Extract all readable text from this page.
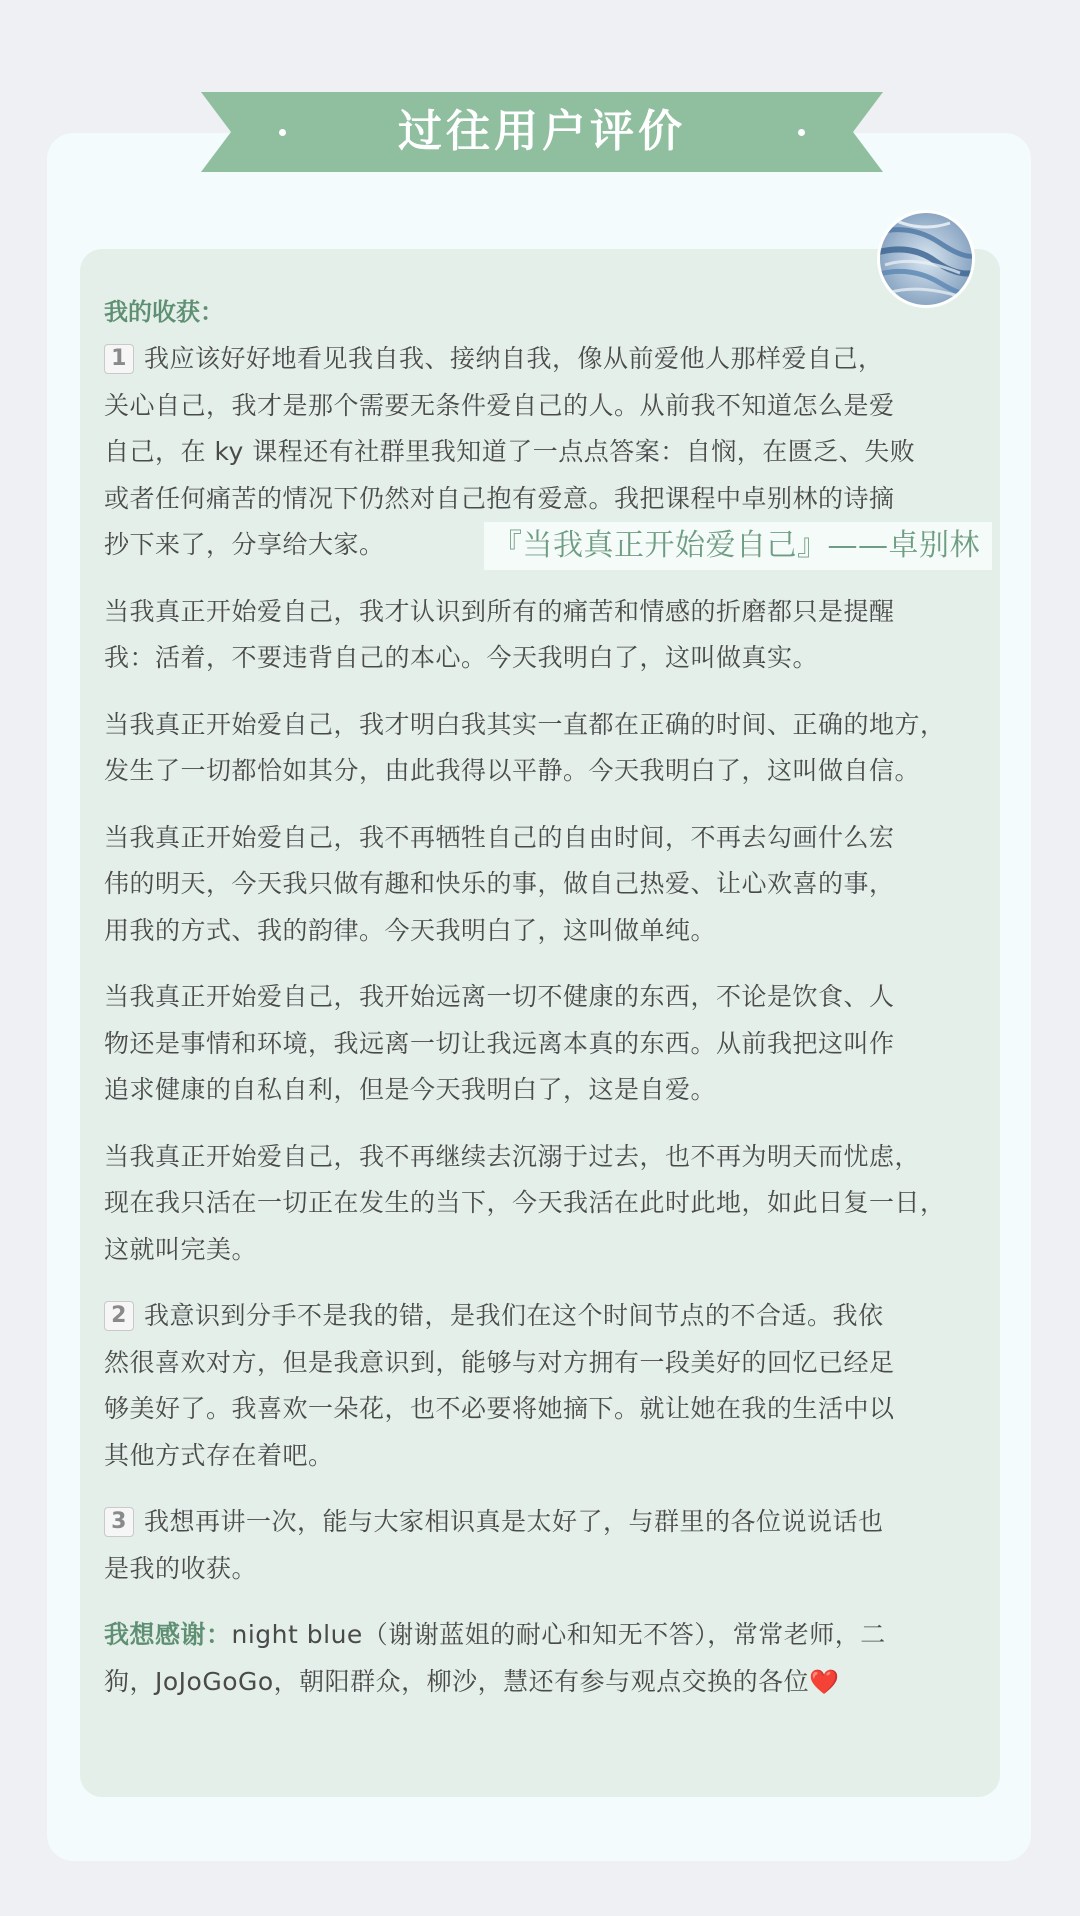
过往用户评价
我的收获：
1 我应该好好地看见我自我、接纳自我，像从前爱他人那样爱自己，
关心自己，我才是那个需要无条件爱自己的人。从前我不知道怎么是爱
自己，在 ky 课程还有社群里我知道了一点点答案：自悯，在匮乏、失败
或者任何痛苦的情况下仍然对自己抱有爱意。我把课程中卓别林的诗摘

抄下来了，分享给大家。	『当我真正开始爱自己』——卓别林
当我真正开始爱自己，我才认识到所有的痛苦和情感的折磨都只是提醒
我：活着，不要违背自己的本心。今天我明白了，这叫做真实。
当我真正开始爱自己，我才明白我其实一直都在正确的时间、正确的地方，
发生了一切都恰如其分，由此我得以平静。今天我明白了，这叫做自信。
当我真正开始爱自己，我不再牺牲自己的自由时间，不再去勾画什么宏
伟的明天，今天我只做有趣和快乐的事，做自己热爱、让心欢喜的事，
用我的方式、我的韵律。今天我明白了，这叫做单纯。
当我真正开始爱自己，我开始远离一切不健康的东西，不论是饮食、人
物还是事情和环境，我远离一切让我远离本真的东西。从前我把这叫作
追求健康的自私自利，但是今天我明白了，这是自爱。
当我真正开始爱自己，我不再继续去沉溺于过去，也不再为明天而忧虑，
现在我只活在一切正在发生的当下，今天我活在此时此地，如此日复一日，
这就叫完美。
2 我意识到分手不是我的错，是我们在这个时间节点的不合适。我依
然很喜欢对方，但是我意识到，能够与对方拥有一段美好的回忆已经足
够美好了。我喜欢一朵花，也不必要将她摘下。就让她在我的生活中以
其他方式存在着吧。
3 我想再讲一次，能与大家相识真是太好了，与群里的各位说说话也
是我的收获。
我想感谢：night blue（谢谢蓝姐的耐心和知无不答），常常老师，二
狗，JoJoGoGo，朝阳群众，柳沙，慧还有参与观点交换的各位❤️
